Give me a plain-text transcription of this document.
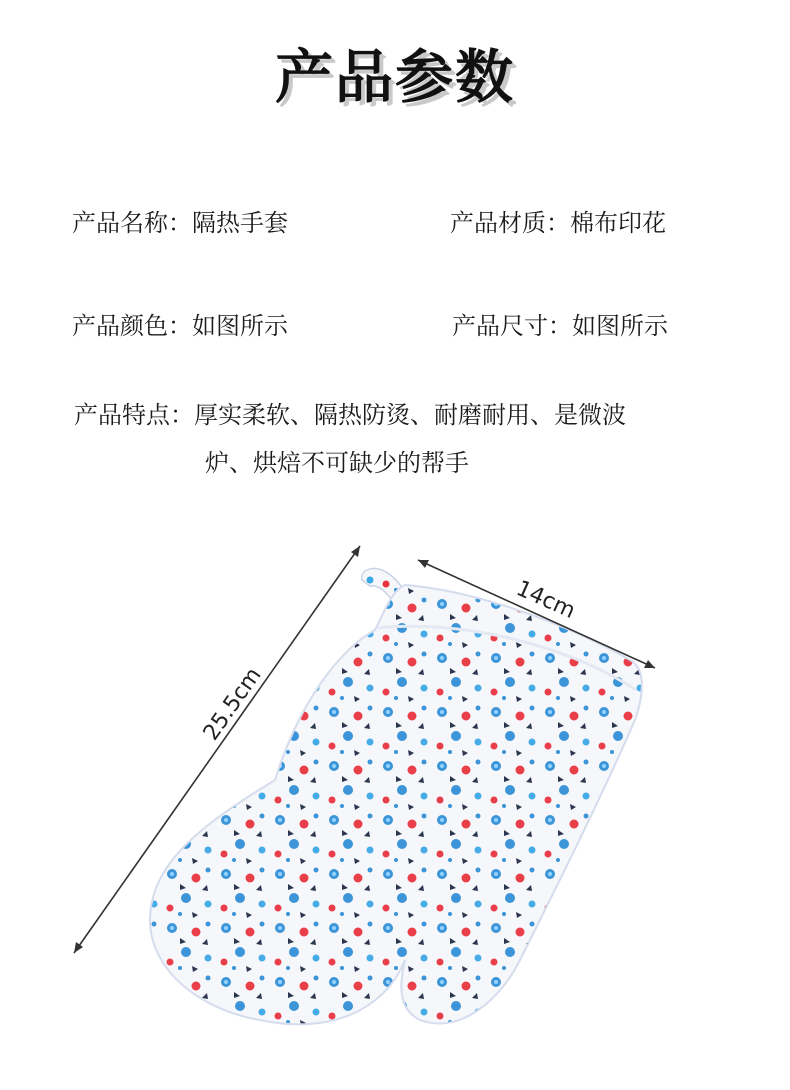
产品参数
产品名称：隔热手套	产品材质：棉布印花
产品颜色：如图所示	产品尺寸：如图所示
产品特点：厚实柔软、隔热防烫、耐磨耐用、是微波
炉、烘焙不可缺少的帮手
25.5cm
14cm
